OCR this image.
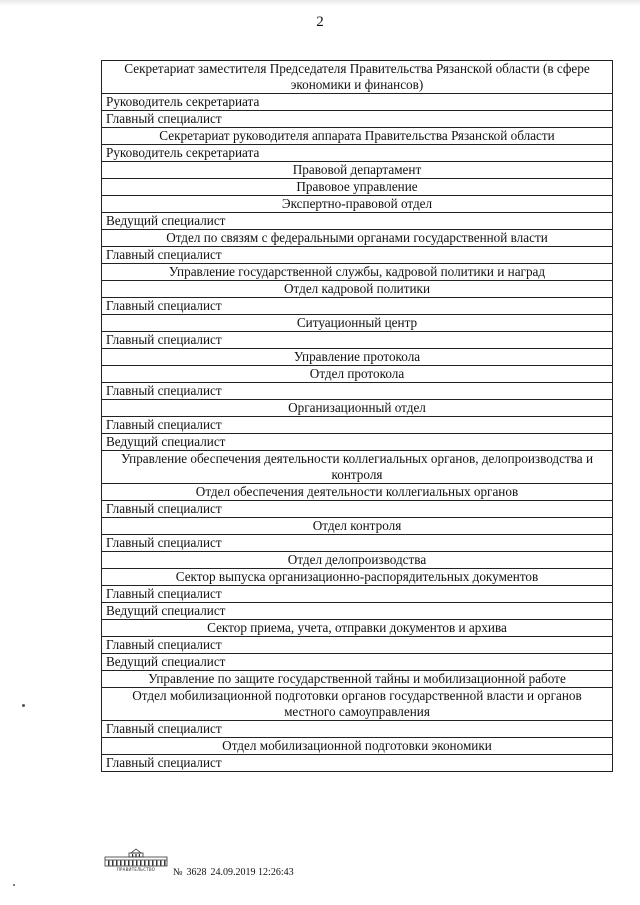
2
Секретариат заместителя Председателя Правительства Рязанской области (в сфере экономики и финансов)
Руководитель секретариата
Главный специалист
Секретариат руководителя аппарата Правительства Рязанской области
Руководитель секретариата
Правовой департамент
Правовое управление
Экспертно-правовой отдел
Ведущий специалист
Отдел по связям с федеральными органами государственной власти
Главный специалист
Управление государственной службы, кадровой политики и наград
Отдел кадровой политики
Главный специалист
Ситуационный центр
Главный специалист
Управление протокола
Отдел протокола
Главный специалист
Организационный отдел
Главный специалист
Ведущий специалист
Управление обеспечения деятельности коллегиальных органов, делопроизводства и контроля
Отдел обеспечения деятельности коллегиальных органов
Главный специалист
Отдел контроля
Главный специалист
Отдел делопроизводства
Сектор выпуска организационно-распорядительных документов
Главный специалист
Ведущий специалист
Сектор приема, учета, отправки документов и архива
Главный специалист
Ведущий специалист
Управление по защите государственной тайны и мобилизационной работе
Отдел мобилизационной подготовки органов государственной власти и органов местного самоуправления
Главный специалист
Отдел мобилизационной подготовки экономики
Главный специалист
ПРАВИТЕЛЬСТВО	№ 3628 24.09.2019 12:26:43
